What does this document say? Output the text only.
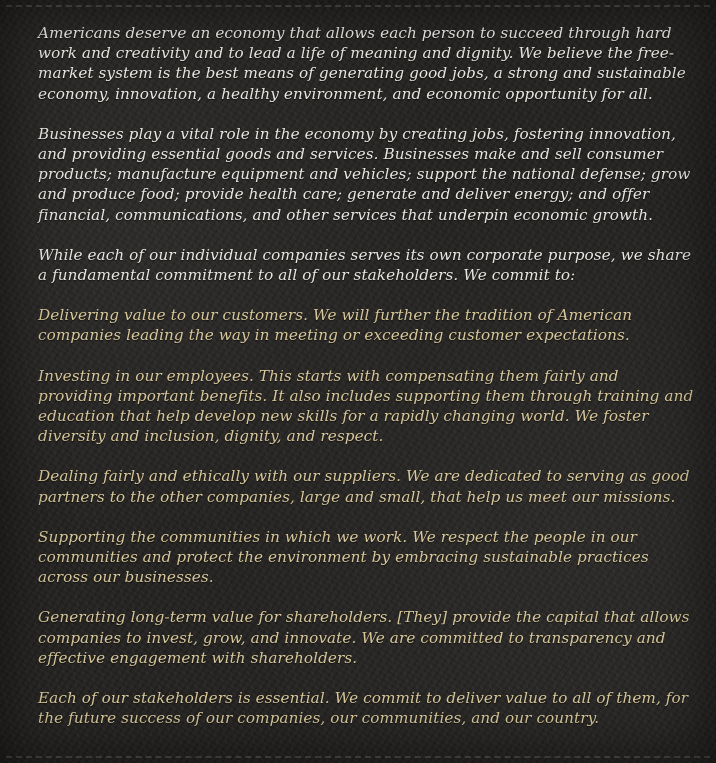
Americans deserve an economy that allows each person to succeed through hard work and creativity and to lead a life of meaning and dignity. We believe the free-market system is the best means of generating good jobs, a strong and sustainable economy, innovation, a healthy environment, and economic opportunity for all.

Businesses play a vital role in the economy by creating jobs, fostering innovation, and providing essential goods and services. Businesses make and sell consumer products; manufacture equipment and vehicles; support the national defense; grow and produce food; provide health care; generate and deliver energy; and offer financial, communications, and other services that underpin economic growth.

While each of our individual companies serves its own corporate purpose, we share a fundamental commitment to all of our stakeholders. We commit to:

Delivering value to our customers. We will further the tradition of American companies leading the way in meeting or exceeding customer expectations.

Investing in our employees. This starts with compensating them fairly and providing important benefits. It also includes supporting them through training and education that help develop new skills for a rapidly changing world. We foster diversity and inclusion, dignity, and respect.

Dealing fairly and ethically with our suppliers. We are dedicated to serving as good partners to the other companies, large and small, that help us meet our missions.

Supporting the communities in which we work. We respect the people in our communities and protect the environment by embracing sustainable practices across our businesses.

Generating long-term value for shareholders. [They] provide the capital that allows companies to invest, grow, and innovate. We are committed to transparency and effective engagement with shareholders.

Each of our stakeholders is essential. We commit to deliver value to all of them, for the future success of our companies, our communities, and our country.
